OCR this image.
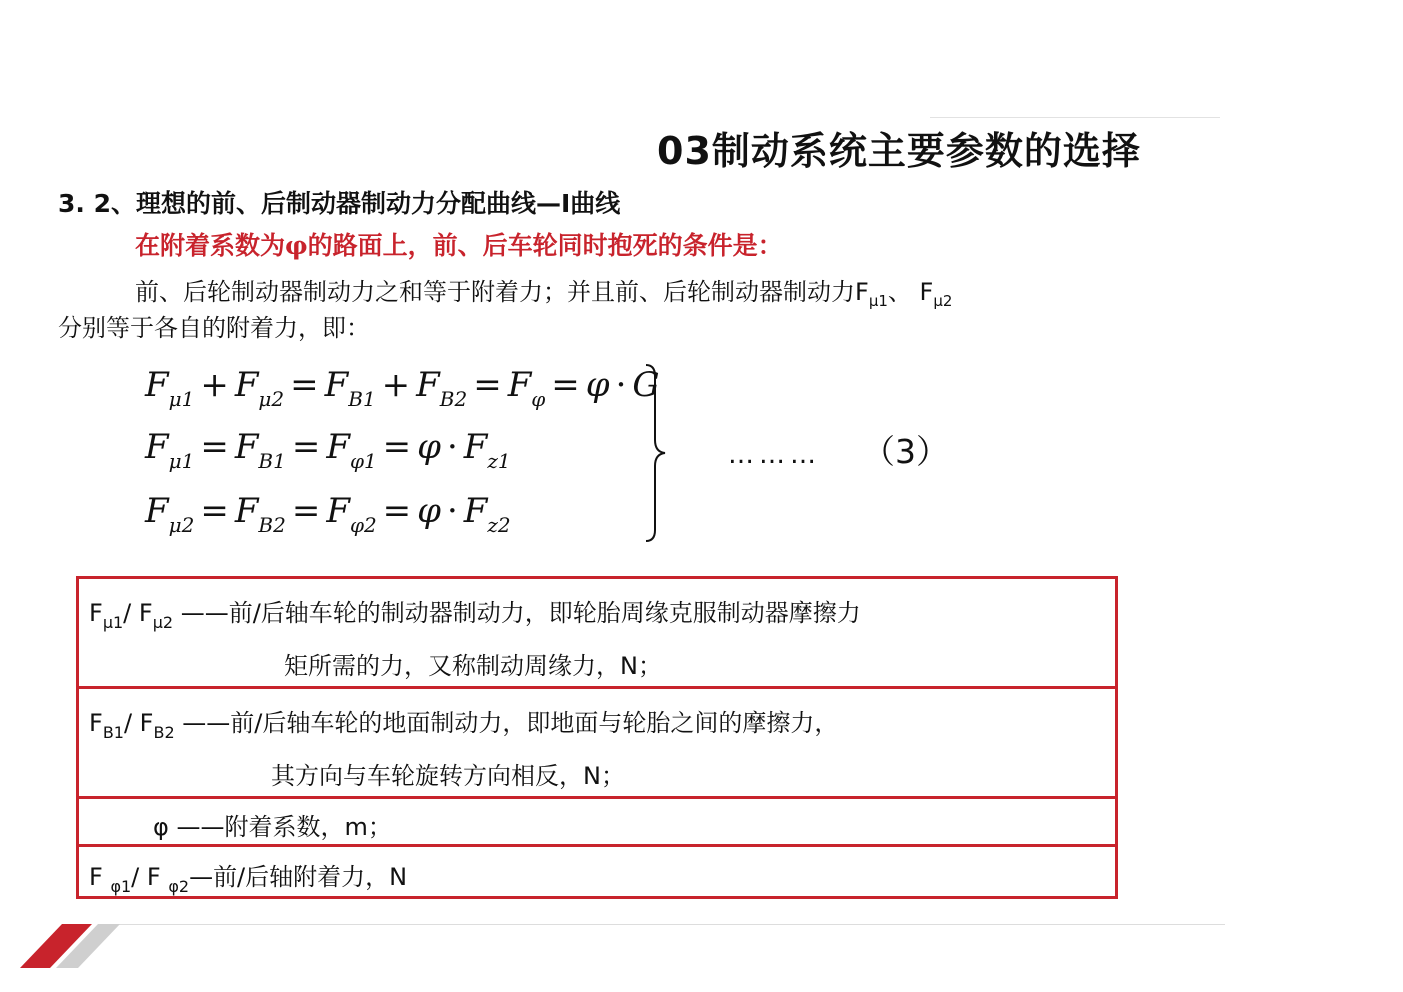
03制动系统主要参数的选择
3. 2、理想的前、后制动器制动力分配曲线—I曲线
在附着系数为φ的路面上，前、后车轮同时抱死的条件是：
前、后轮制动器制动力之和等于附着力；并且前、后轮制动器制动力$F_{\mu 1}$、 $F_{\mu 2}$
分别等于各自的附着力，即：
$F_{\mu 1} + F_{\mu 2} = F_{B1} + F_{B2} = F_\varphi = \varphi \cdot G$
$F_{\mu 1} = F_{B1} = F_{\varphi 1} = \varphi \cdot F_{z1}$
$F_{\mu 2} = F_{B2} = F_{\varphi 2} = \varphi \cdot F_{z2}$
……… （3）
$F_{\mu 1}/$ $F_{\mu 2}$ ——前/后轴车轮的制动器制动力，即轮胎周缘克服制动器摩擦力
矩所需的力，又称制动周缘力，N；
$F_{B1}/$ $F_{B2}$ ——前/后轴车轮的地面制动力，即地面与轮胎之间的摩擦力，
其方向与车轮旋转方向相反，N；
φ ——附着系数，m；
F $_{\varphi 1}$/ F $_{\varphi 2}$—前/后轴附着力，N
